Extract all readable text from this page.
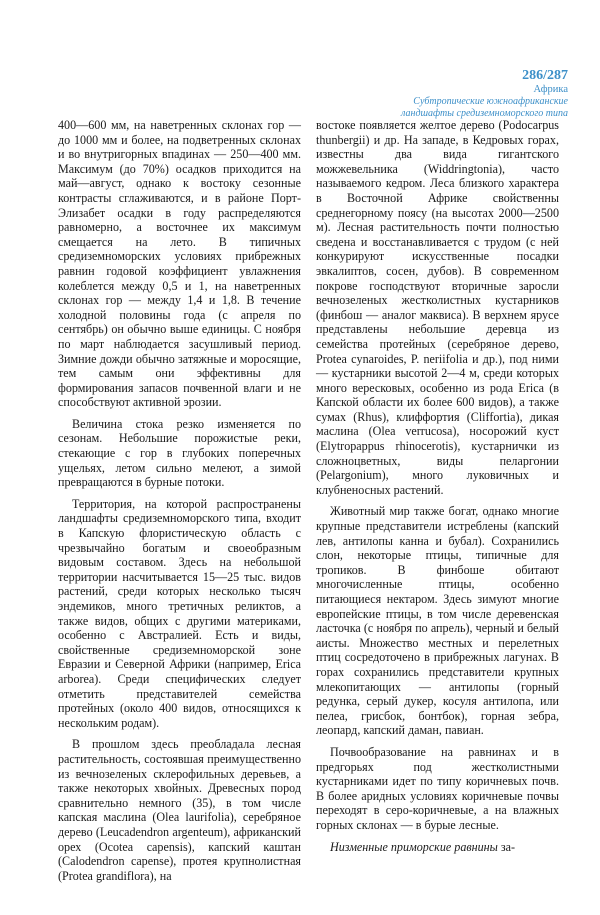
286/287
Африка
Субтропические южноафриканские
ландшафты средиземноморского типа

400—600 мм, на наветренных склонах гор — до 1000 мм и более, на подветренных склонах и во внутригорных впадинах — 250—400 мм. Максимум (до 70%) осадков приходится на май—август, однако к востоку сезонные контрасты сглаживаются, и в районе Порт-Элизабет осадки в году распределяются равномерно, а восточнее их максимум смещается на лето. В типичных средиземноморских условиях прибрежных равнин годовой коэффициент увлажнения колеблется между 0,5 и 1, на наветренных склонах гор — между 1,4 и 1,8. В течение холодной половины года (с апреля по сентябрь) он обычно выше единицы. С ноября по март наблюдается засушливый период. Зимние дожди обычно затяжные и моросящие, тем самым они эффективны для формирования запасов почвенной влаги и не способствуют активной эрозии.

Величина стока резко изменяется по сезонам. Небольшие порожистые реки, стекающие с гор в глубоких поперечных ущельях, летом сильно мелеют, а зимой превращаются в бурные потоки.

Территория, на которой распространены ландшафты средиземноморского типа, входит в Капскую флористическую область с чрезвычайно богатым и своеобразным видовым составом. Здесь на небольшой территории насчитывается 15—25 тыс. видов растений, среди которых несколько тысяч эндемиков, много третичных реликтов, а также видов, общих с другими материками, особенно с Австралией. Есть и виды, свойственные средиземноморской зоне Евразии и Северной Африки (например, Erica arborea). Среди специфических следует отметить представителей семейства протейных (около 400 видов, относящихся к нескольким родам).

В прошлом здесь преобладала лесная растительность, состоявшая преимущественно из вечнозеленых склерофильных деревьев, а также некоторых хвойных. Древесных пород сравнительно немного (35), в том числе капская маслина (Olea laurifolia), серебряное дерево (Leucadendron argenteum), африканский орех (Ocotea capensis), капский каштан (Calodendron capense), протея крупнолистная (Protea grandiflora), на

востоке появляется желтое дерево (Podocarpus thunbergii) и др. На западе, в Кедровых горах, известны два вида гигантского можжевельника (Widdringtonia), часто называемого кедром. Леса близкого характера в Восточной Африке свойственны среднегорному поясу (на высотах 2000—2500 м). Лесная растительность почти полностью сведена и восстанавливается с трудом (с ней конкурируют искусственные посадки эвкалиптов, сосен, дубов). В современном покрове господствуют вторичные заросли вечнозеленых жестколистных кустарников (финбош — аналог маквиса). В верхнем ярусе представлены небольшие деревца из семейства протейных (серебряное дерево, Protea cynaroides, P. neriifolia и др.), под ними — кустарники высотой 2—4 м, среди которых много вересковых, особенно из рода Erica (в Капской области их более 600 видов), а также сумах (Rhus), клиффортия (Cliffortia), дикая маслина (Olea verrucosa), носорожий куст (Elytropappus rhinocerotis), кустарнички из сложноцветных, виды пеларгонии (Pelargonium), много луковичных и клубненосных растений.

Животный мир также богат, однако многие крупные представители истреблены (капский лев, антилопы канна и бубал). Сохранились слон, некоторые птицы, типичные для тропиков. В финбоше обитают многочисленные птицы, особенно питающиеся нектаром. Здесь зимуют многие европейские птицы, в том числе деревенская ласточка (с ноября по апрель), черный и белый аисты. Множество местных и перелетных птиц сосредоточено в прибрежных лагунах. В горах сохранились представители крупных млекопитающих — антилопы (горный редунка, серый дукер, косуля антилопа, или пелеа, грисбок, бонтбок), горная зебра, леопард, капский даман, павиан.

Почвообразование на равнинах и в предгорьях под жестколистными кустарниками идет по типу коричневых почв. В более аридных условиях коричневые почвы переходят в серо-коричневые, а на влажных горных склонах — в бурые лесные.

Низменные приморские равнины за-
